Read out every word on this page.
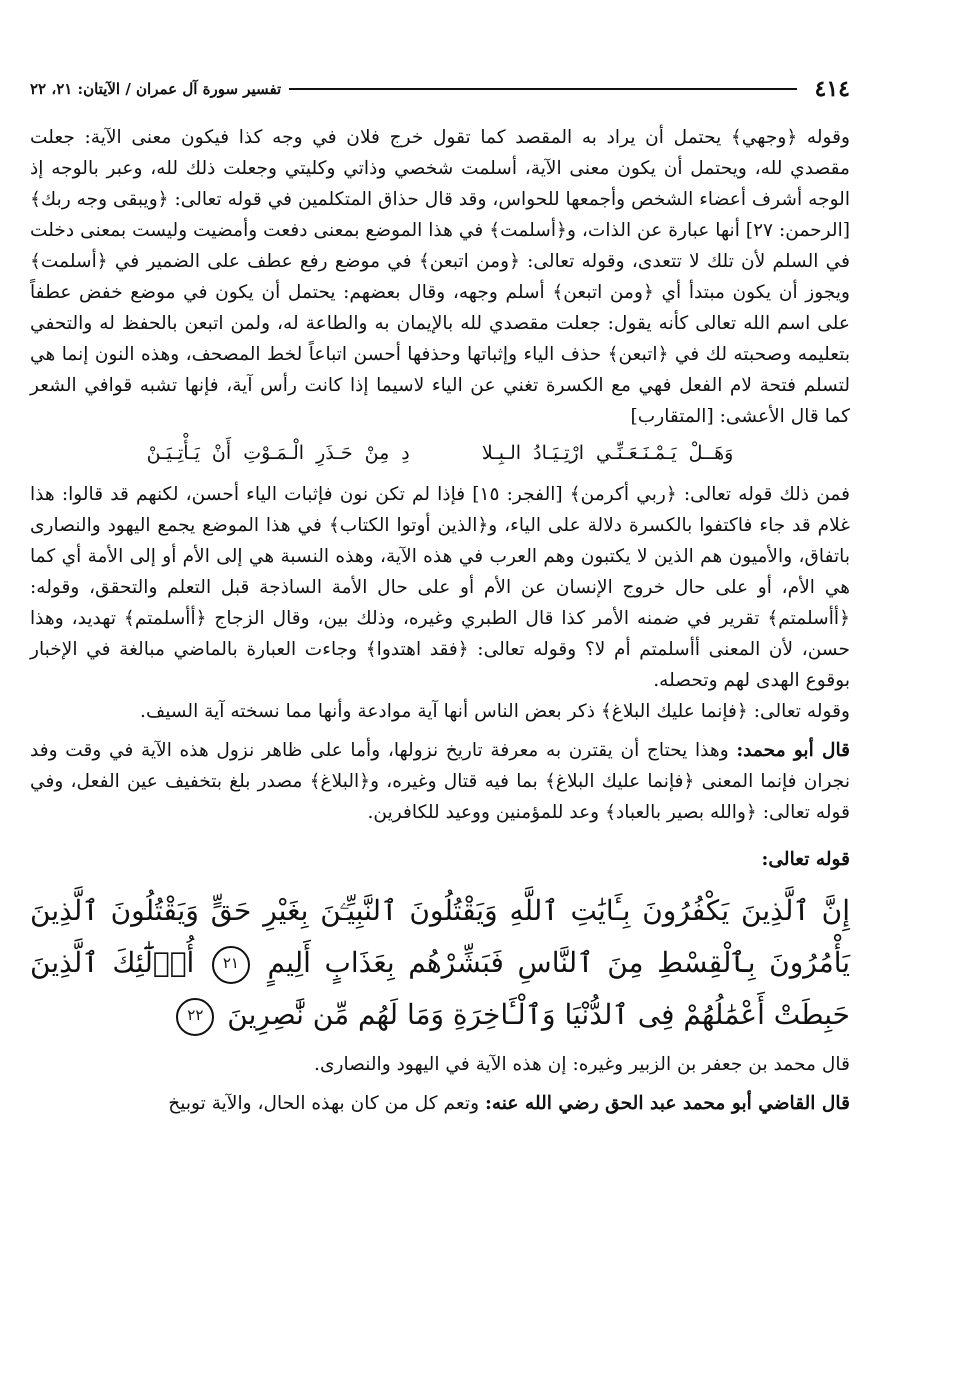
٤١٤
تفسير سورة آل عمران / الآيتان: ٢١، ٢٢

وقوله ﴿وجهي﴾ يحتمل أن يراد به المقصد كما تقول خرج فلان في وجه كذا فيكون معنى الآية: جعلت مقصدي لله، ويحتمل أن يكون معنى الآية، أسلمت شخصي وذاتي وكليتي وجعلت ذلك لله، وعبر بالوجه إذ الوجه أشرف أعضاء الشخص وأجمعها للحواس، وقد قال حذاق المتكلمين في قوله تعالى: ﴿ويبقى وجه ربك﴾ [الرحمن: ٢٧] أنها عبارة عن الذات، و﴿أسلمت﴾ في هذا الموضع بمعنى دفعت وأمضيت وليست بمعنى دخلت في السلم لأن تلك لا تتعدى، وقوله تعالى: ﴿ومن اتبعن﴾ في موضع رفع عطف على الضمير في ﴿أسلمت﴾ ويجوز أن يكون مبتدأ أي ﴿ومن اتبعن﴾ أسلم وجهه، وقال بعضهم: يحتمل أن يكون في موضع خفض عطفاً على اسم الله تعالى كأنه يقول: جعلت مقصدي لله بالإيمان به والطاعة له، ولمن اتبعن بالحفظ له والتحفي بتعليمه وصحبته لك في ﴿اتبعن﴾ حذف الياء وإثباتها وحذفها أحسن اتباعاً لخط المصحف، وهذه النون إنما هي لتسلم فتحة لام الفعل فهي مع الكسرة تغني عن الياء لاسيما إذا كانت رأس آية، فإنها تشبه قوافي الشعر كما قال الأعشى: [المتقارب]

وَهَــلْ يَـمْـنَـعَـنِّـي ارْتِـيَـادُ الـبِـلا دِ مِنْ حَـذَرِ الْـمَـوْتِ أَنْ يَـأْتِـيَـنْ

فمن ذلك قوله تعالى: ﴿ربي أكرمن﴾ [الفجر: ١٥] فإذا لم تكن نون فإثبات الياء أحسن، لكنهم قد قالوا: هذا غلام قد جاء فاكتفوا بالكسرة دلالة على الياء، و﴿الذين أوتوا الكتاب﴾ في هذا الموضع يجمع اليهود والنصارى باتفاق، والأميون هم الذين لا يكتبون وهم العرب في هذه الآية، وهذه النسبة هي إلى الأم أو إلى الأمة أي كما هي الأم، أو على حال خروج الإنسان عن الأم أو على حال الأمة الساذجة قبل التعلم والتحقق، وقوله: ﴿أأسلمتم﴾ تقرير في ضمنه الأمر كذا قال الطبري وغيره، وذلك بين، وقال الزجاج ﴿أأسلمتم﴾ تهديد، وهذا حسن، لأن المعنى أأسلمتم أم لا؟ وقوله تعالى: ﴿فقد اهتدوا﴾ وجاءت العبارة بالماضي مبالغة في الإخبار بوقوع الهدى لهم وتحصله.

وقوله تعالى: ﴿فإنما عليك البلاغ﴾ ذكر بعض الناس أنها آية موادعة وأنها مما نسخته آية السيف.

قال أبو محمد: وهذا يحتاج أن يقترن به معرفة تاريخ نزولها، وأما على ظاهر نزول هذه الآية في وقت وفد نجران فإنما المعنى ﴿فإنما عليك البلاغ﴾ بما فيه قتال وغيره، و﴿البلاغ﴾ مصدر بلغ بتخفيف عين الفعل، وفي قوله تعالى: ﴿والله بصير بالعباد﴾ وعد للمؤمنين ووعيد للكافرين.

قوله تعالى:

إِنَّ ٱلَّذِينَ يَكْفُرُونَ بِـَٔايَٰتِ ٱللَّهِ وَيَقْتُلُونَ ٱلنَّبِيِّـۧنَ بِغَيْرِ حَقٍّ وَيَقْتُلُونَ ٱلَّذِينَ يَأْمُرُونَ بِٱلْقِسْطِ مِنَ ٱلنَّاسِ فَبَشِّرْهُم بِعَذَابٍ أَلِيمٍ ٢١ أُو۟لَٰٓئِكَ ٱلَّذِينَ حَبِطَتْ أَعْمَٰلُهُمْ فِى ٱلدُّنْيَا وَٱلْـَٔاخِرَةِ وَمَا لَهُم مِّن نَّٰصِرِينَ ٢٢

قال محمد بن جعفر بن الزبير وغيره: إن هذه الآية في اليهود والنصارى.

قال القاضي أبو محمد عبد الحق رضي الله عنه: وتعم كل من كان بهذه الحال، والآية توبيخ
